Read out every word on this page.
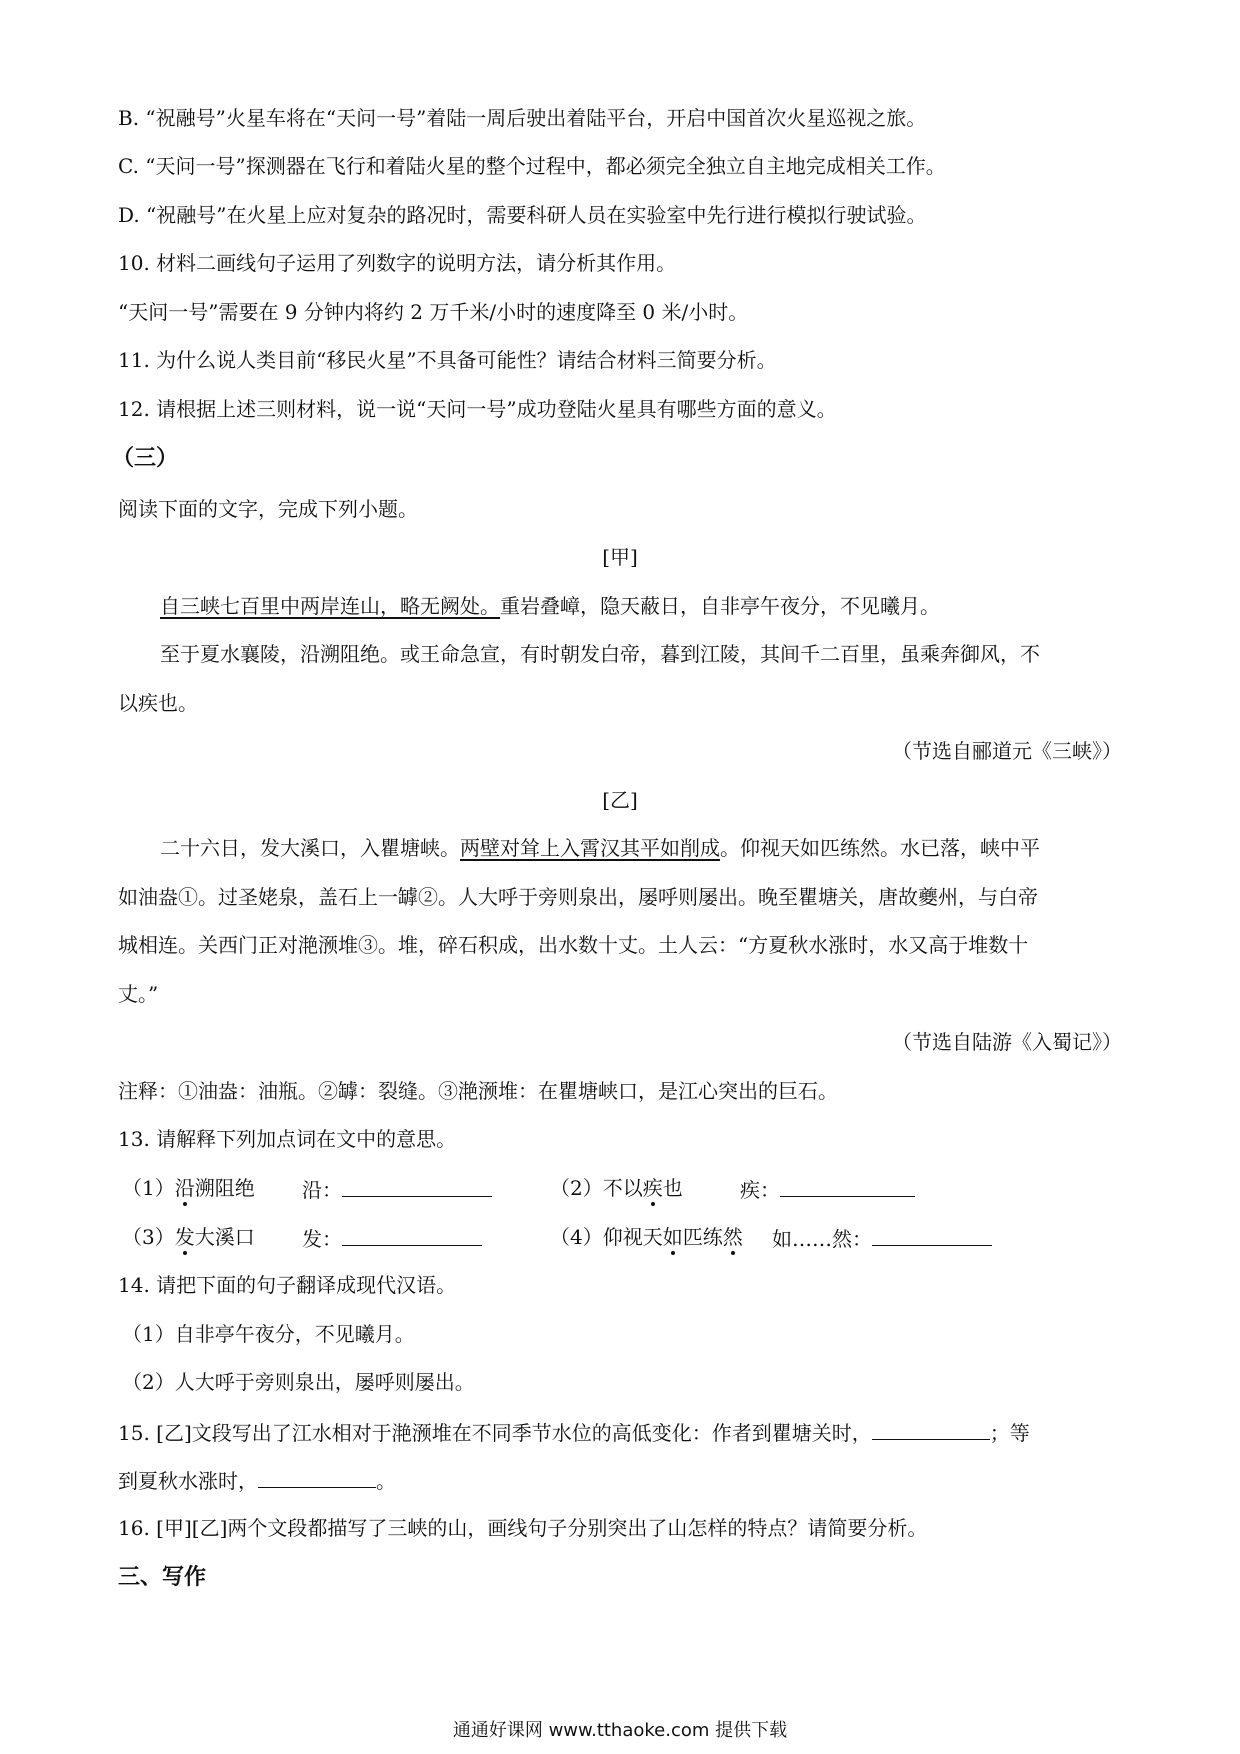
B. “祝融号”火星车将在“天问一号”着陆一周后驶出着陆平台，开启中国首次火星巡视之旅。
C. “天问一号”探测器在飞行和着陆火星的整个过程中，都必须完全独立自主地完成相关工作。
D. “祝融号”在火星上应对复杂的路况时，需要科研人员在实验室中先行进行模拟行驶试验。
10. 材料二画线句子运用了列数字的说明方法，请分析其作用。
“天问一号”需要在 9 分钟内将约 2 万千米/小时的速度降至 0 米/小时。
11. 为什么说人类目前“移民火星”不具备可能性？请结合材料三简要分析。
12. 请根据上述三则材料，说一说“天问一号”成功登陆火星具有哪些方面的意义。
（三）
阅读下面的文字，完成下列小题。
[甲]
自三峡七百里中两岸连山，略无阙处。重岩叠嶂，隐天蔽日，自非亭午夜分，不见曦月。
至于夏水襄陵，沿溯阻绝。或王命急宣，有时朝发白帝，暮到江陵，其间千二百里，虽乘奔御风，不
以疾也。
（节选自郦道元《三峡》）
[乙]
二十六日，发大溪口，入瞿塘峡。两壁对耸上入霄汉其平如削成。仰视天如匹练然。水已落，峡中平
如油盎①。过圣姥泉，盖石上一罅②。人大呼于旁则泉出，屡呼则屡出。晚至瞿塘关，唐故夔州，与白帝
城相连。关西门正对滟滪堆③。堆，碎石积成，出水数十丈。土人云：“方夏秋水涨时，水又高于堆数十
丈。”
（节选自陆游《入蜀记》）
注释：①油盎：油瓶。②罅：裂缝。③滟滪堆：在瞿塘峡口，是江心突出的巨石。
13. 请解释下列加点词在文中的意思。
（1）沿溯阻绝 沿：	（2）不以疾也	疾：
（3）发大溪口 发：	（4）仰视天如匹练然 如……然：
14. 请把下面的句子翻译成现代汉语。
（1）自非亭午夜分，不见曦月。
（2）人大呼于旁则泉出，屡呼则屡出。
15. [乙]文段写出了江水相对于滟滪堆在不同季节水位的高低变化：作者到瞿塘关时，	；等
到夏秋水涨时，	。
16. [甲][乙]两个文段都描写了三峡的山，画线句子分别突出了山怎样的特点？请简要分析。
三、写作
通通好课网 www.tthaoke.com 提供下载
